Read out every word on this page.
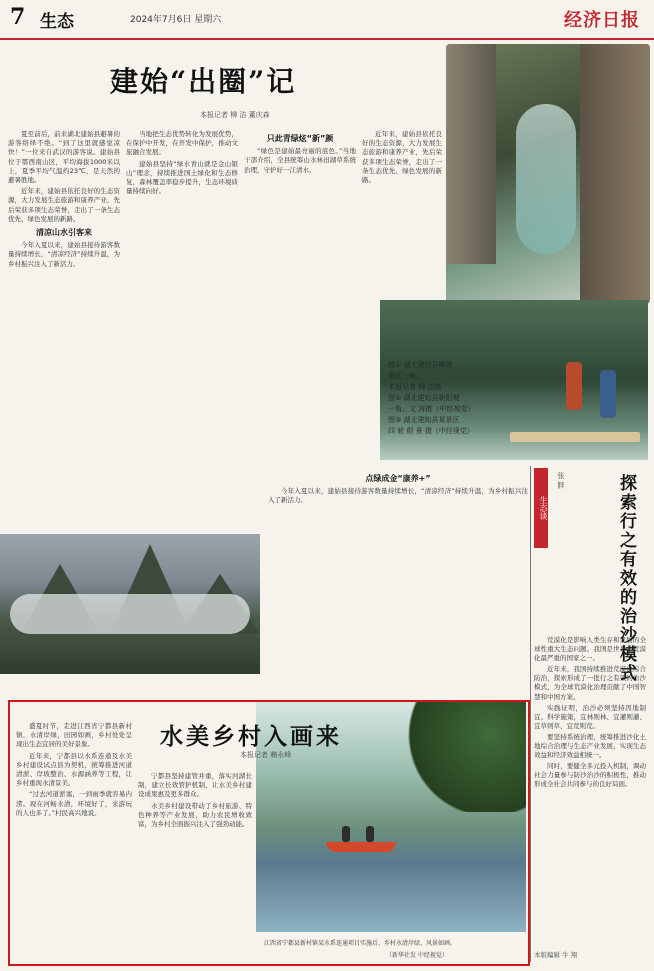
7 生态	2024年7月6日 星期六	经济日报
建始“出圈”记
本报记者 柳 洁 董庆森

夏至前后，前来湖北建始县避暑的游客络绎不绝。“到了这里就感觉凉快！”一位来自武汉的游客说。建始县位于鄂西南山区，平均海拔1000米以上，夏季平均气温约23℃，是天然的避暑胜地。

近年来，建始县依托良好的生态资源，大力发展生态旅游和康养产业，先后荣获多项生态荣誉，走出了一条生态优先、绿色发展的新路。

清凉山水引客来

今年入夏以来，建始县接待游客数量持续增长，“清凉经济”持续升温，为乡村振兴注入了新活力。

当地把生态优势转化为发展优势，在保护中开发，在开发中保护，推动文旅融合发展。

建始县坚持“绿水青山就是金山银山”理念，持续推进国土绿化和生态修复，森林覆盖率稳步提升，生态环境质量持续向好。

只此青绿炫“新”颜

“绿色是建始最亮丽的底色。”当地干部介绍，全县统筹山水林田湖草系统治理，守护好一江清水。

近年来，建始县依托良好的生态资源，大力发展生态旅游和康养产业，先后荣获多项生态荣誉，走出了一条生态优先、绿色发展的新路。

点绿成金“康养+”

今年入夏以来，建始县接待游客数量持续增长，“清凉经济”持续升温，为乡村振兴注入了新活力。

图① 湖北建始县柳湾
景区一角。
本报记者 柳 洁摄
图② 湖北建始县朝阳观
一角。文 涛摄（中经视觉）
图③ 湖北建始县某景区
四 轮 组 景 摄（中经视觉）
生态谈	探索行之有效的治沙模式
张 胖

荒漠化是影响人类生存和发展的全球性重大生态问题。我国是世界上荒漠化最严重的国家之一。

近年来，我国持续推进荒漠化综合防治，探索形成了一批行之有效的治沙模式，为全球荒漠化治理贡献了中国智慧和中国方案。

实践证明，治沙必须坚持因地制宜、科学施策，宜林则林、宜灌则灌、宜草则草、宜荒则荒。

要坚持系统治理，统筹推进沙化土地综合治理与生态产业发展，实现生态效益和经济效益相统一。

同时，要健全多元投入机制，调动社会力量参与防沙治沙的积极性，推动形成全社会共同参与的良好局面。

本版编辑 牛 翔
水美乡村入画来
本报记者 赖永峰

盛夏时节，走进江西省宁都县新村镇，水清岸绿，田园如画，乡村处处呈现出生态宜居的美好景象。

近年来，宁都县以水系连通及水美乡村建设试点县为契机，统筹推进河道清淤、岸坡整治、水源涵养等工程，让乡村重现水清景美。

“过去河道淤塞，一到雨季就容易内涝。现在河畅水清，环境好了，来游玩的人也多了。”村民高兴地说。

宁都县坚持建管并重，落实河湖长制，建立长效管护机制，让水美乡村建设成果惠及更多群众。

水美乡村建设带动了乡村旅游、特色种养等产业发展，助力农民增收致富，为乡村全面振兴注入了强劲动能。

江西省宁都县新村镇某水系连通项目实施后，乡村水清岸绿、风景如画。
（新华社发 中经视觉）
